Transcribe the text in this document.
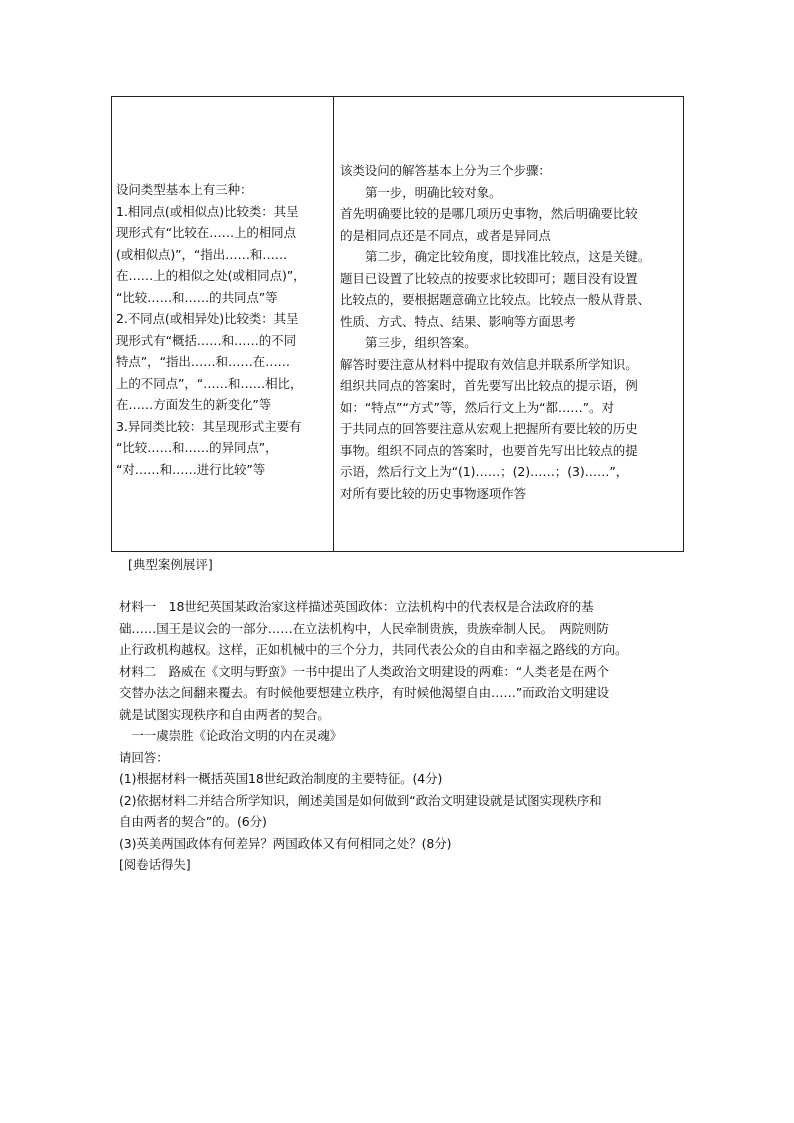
设问类型基本上有三种：
1.相同点(或相似点)比较类：其呈
现形式有“比较在……上的相同点
(或相似点)”，“指出……和……
在……上的相似之处(或相同点)”，
“比较……和……的共同点”等
2.不同点(或相异处)比较类：其呈
现形式有“概括……和……的不同
特点”，“指出……和……在……
上的不同点”，“……和……相比，
在……方面发生的新变化”等
3.异同类比较：其呈现形式主要有
“比较……和……的异同点”，
“对……和……进行比较”等
该类设问的解答基本上分为三个步骤：
第一步，明确比较对象。
首先明确要比较的是哪几项历史事物，然后明确要比较
的是相同点还是不同点，或者是异同点
第二步，确定比较角度，即找准比较点，这是关键。
题目已设置了比较点的按要求比较即可；题目没有设置
比较点的，要根据题意确立比较点。比较点一般从背景、
性质、方式、特点、结果、影响等方面思考
第三步，组织答案。
解答时要注意从材料中提取有效信息并联系所学知识。
组织共同点的答案时，首先要写出比较点的提示语，例
如：“特点”“方式”等，然后行文上为“都……”。对
于共同点的回答要注意从宏观上把握所有要比较的历史
事物。组织不同点的答案时，也要首先写出比较点的提
示语，然后行文上为“(1)……；(2)……；(3)……”，
对所有要比较的历史事物逐项作答
[典型案例展评]
材料一　18世纪英国某政治家这样描述英国政体：立法机构中的代表权是合法政府的基
础……国王是议会的一部分……在立法机构中，人民牵制贵族，贵族牵制人民。　两院则防
止行政机构越权。这样，正如机械中的三个分力，共同代表公众的自由和幸福之路线的方向。
材料二　路威在《文明与野蛮》一书中提出了人类政治文明建设的两难：“人类老是在两个
交替办法之间翻来覆去。有时候他要想建立秩序，有时候他渴望自由……”而政治文明建设
就是试图实现秩序和自由两者的契合。
　一一虞崇胜《论政治文明的内在灵魂》
请回答：
(1)根据材料一概括英国18世纪政治制度的主要特征。(4分)
(2)依据材料二并结合所学知识，阐述美国是如何做到“政治文明建设就是试图实现秩序和
自由两者的契合”的。(6分)
(3)英美两国政体有何差异？两国政体又有何相同之处？(8分)
[阅卷话得失]
